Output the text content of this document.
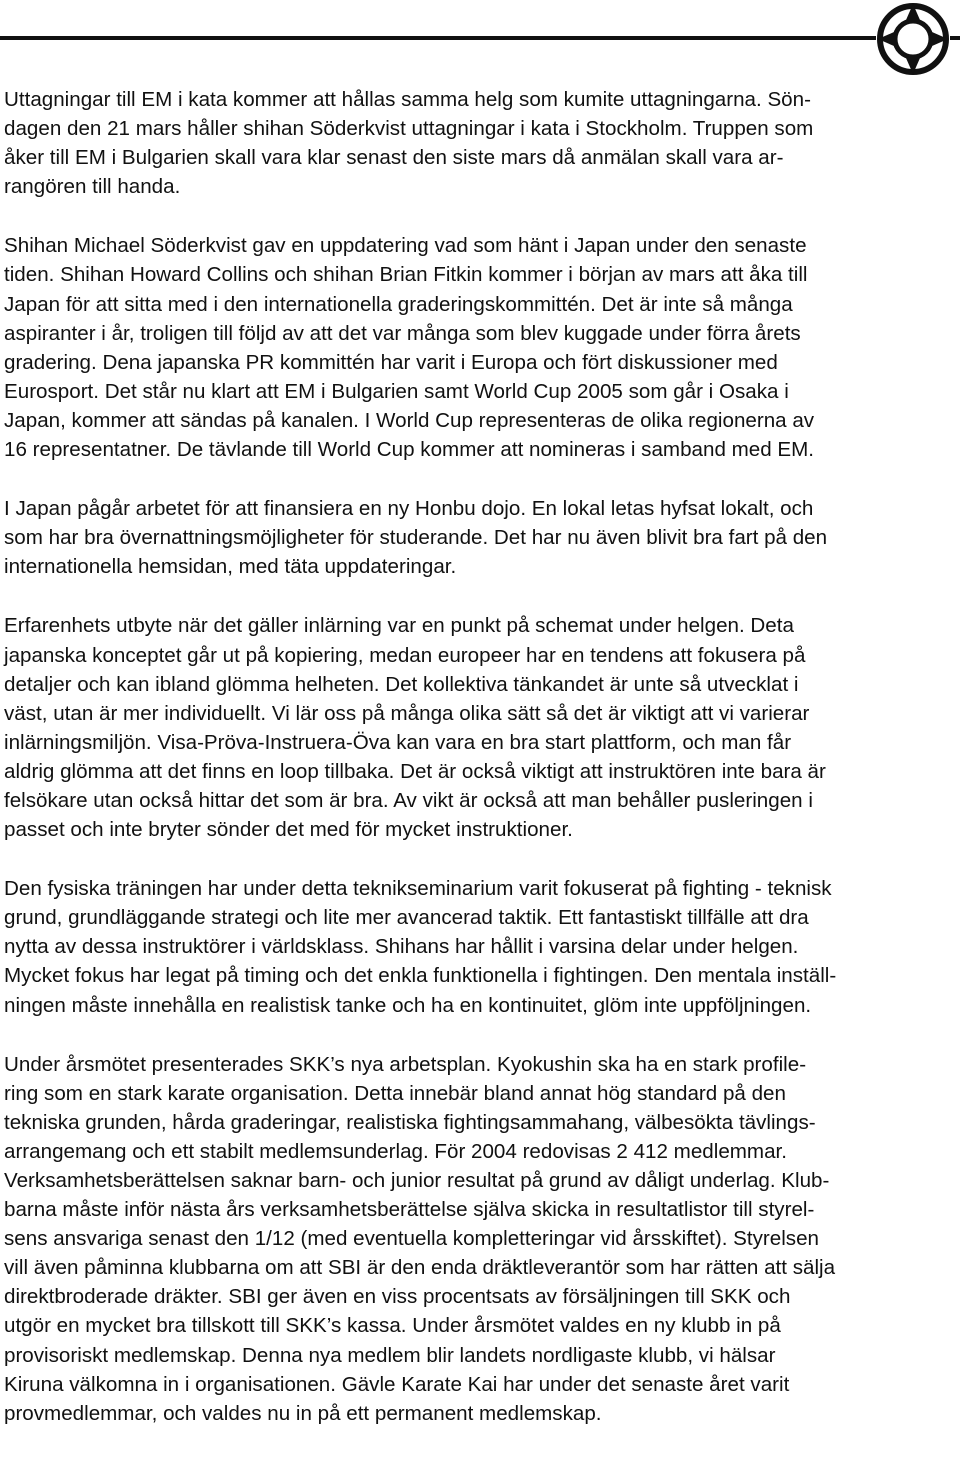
Uttagningar till EM i kata kommer att hållas samma helg som kumite uttagningarna. Sön-
dagen den 21 mars håller shihan Söderkvist uttagningar i kata i Stockholm. Truppen som
åker till EM i Bulgarien skall vara klar senast den siste mars då anmälan skall vara ar-
rangören till handa.

Shihan Michael Söderkvist gav en uppdatering vad som hänt i Japan under den senaste
tiden. Shihan Howard Collins och shihan Brian Fitkin kommer i början av mars att åka till
Japan för att sitta med i den internationella graderingskommittén. Det är inte så många
aspiranter i år, troligen till följd av att det var många som blev kuggade under förra årets
gradering. Dena japanska PR kommittén har varit i Europa och fört diskussioner med
Eurosport. Det står nu klart att EM i Bulgarien samt World Cup 2005 som går i Osaka i
Japan, kommer att sändas på kanalen. I World Cup representeras de olika regionerna av
16 representatner. De tävlande till World Cup kommer att nomineras i samband med EM.

I Japan pågår arbetet för att finansiera en ny Honbu dojo. En lokal letas hyfsat lokalt, och
som har bra övernattningsmöjligheter för studerande. Det har nu även blivit bra fart på den
internationella hemsidan, med täta uppdateringar.

Erfarenhets utbyte när det gäller inlärning var en punkt på schemat under helgen. Deta
japanska konceptet går ut på kopiering, medan europeer har en tendens att fokusera på
detaljer och kan ibland glömma helheten. Det kollektiva tänkandet är unte så utvecklat i
väst, utan är mer individuellt. Vi lär oss på många olika sätt så det är viktigt att vi varierar
inlärningsmiljön. Visa-Pröva-Instruera-Öva kan vara en bra start plattform, och man får
aldrig glömma att det finns en loop tillbaka. Det är också viktigt att instruktören inte bara är
felsökare utan också hittar det som är bra. Av vikt är också att man behåller pusleringen i
passet och inte bryter sönder det med för mycket instruktioner.

Den fysiska träningen har under detta teknikseminarium varit fokuserat på fighting - teknisk
grund, grundläggande strategi och lite mer avancerad taktik. Ett fantastiskt tillfälle att dra
nytta av dessa instruktörer i världsklass. Shihans har hållit i varsina delar under helgen.
Mycket fokus har legat på timing och det enkla funktionella i fightingen. Den mentala inställ-
ningen måste innehålla en realistisk tanke och ha en kontinuitet, glöm inte uppföljningen.

Under årsmötet presenterades SKK’s nya arbetsplan. Kyokushin ska ha en stark profile-
ring som en stark karate organisation. Detta innebär bland annat hög standard på den
tekniska grunden, hårda graderingar, realistiska fightingsammahang, välbesökta tävlings-
arrangemang och ett stabilt medlemsunderlag. För 2004 redovisas 2 412 medlemmar.
Verksamhetsberättelsen saknar barn- och junior resultat på grund av dåligt underlag. Klub-
barna måste inför nästa års verksamhetsberättelse själva skicka in resultatlistor till styrel-
sens ansvariga senast den 1/12 (med eventuella kompletteringar vid årsskiftet). Styrelsen
vill även påminna klubbarna om att SBI är den enda dräktleverantör som har rätten att sälja
direktbroderade dräkter. SBI ger även en viss procentsats av försäljningen till SKK och
utgör en mycket bra tillskott till SKK’s kassa. Under årsmötet valdes en ny klubb in på
provisoriskt medlemskap. Denna nya medlem blir landets nordligaste klubb, vi hälsar
Kiruna välkomna in i organisationen. Gävle Karate Kai har under det senaste året varit
provmedlemmar, och valdes nu in på ett permanent medlemskap.
